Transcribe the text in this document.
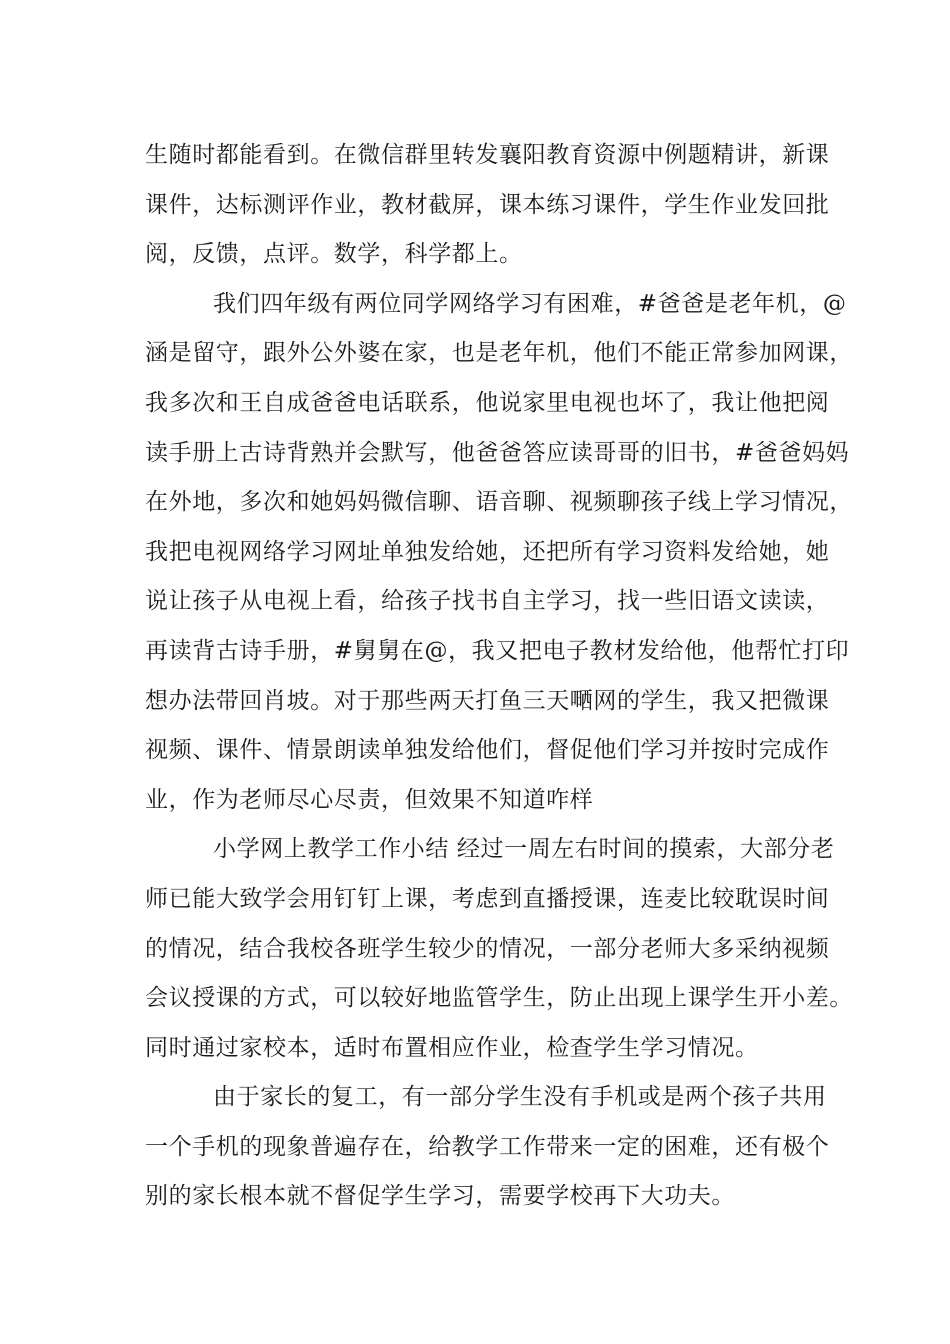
生随时都能看到。在微信群里转发襄阳教育资源中例题精讲，新课
课件，达标测评作业，教材截屏，课本练习课件，学生作业发回批
阅，反馈，点评。数学，科学都上。
我们四年级有两位同学网络学习有困难，#爸爸是老年机，@
涵是留守，跟外公外婆在家，也是老年机，他们不能正常参加网课，
我多次和王自成爸爸电话联系，他说家里电视也坏了，我让他把阅
读手册上古诗背熟并会默写，他爸爸答应读哥哥的旧书，#爸爸妈妈
在外地，多次和她妈妈微信聊、语音聊、视频聊孩子线上学习情况，
我把电视网络学习网址单独发给她，还把所有学习资料发给她，她
说让孩子从电视上看，给孩子找书自主学习，找一些旧语文读读，
再读背古诗手册，#舅舅在@，我又把电子教材发给他，他帮忙打印
想办法带回肖坡。对于那些两天打鱼三天嗮网的学生，我又把微课
视频、课件、情景朗读单独发给他们，督促他们学习并按时完成作
业，作为老师尽心尽责，但效果不知道咋样
小学网上教学工作小结 经过一周左右时间的摸索，大部分老
师已能大致学会用钉钉上课，考虑到直播授课，连麦比较耽误时间
的情况，结合我校各班学生较少的情况，一部分老师大多采纳视频
会议授课的方式，可以较好地监管学生，防止出现上课学生开小差。
同时通过家校本，适时布置相应作业，检查学生学习情况。
由于家长的复工，有一部分学生没有手机或是两个孩子共用
一个手机的现象普遍存在，给教学工作带来一定的困难，还有极个
别的家长根本就不督促学生学习，需要学校再下大功夫。
